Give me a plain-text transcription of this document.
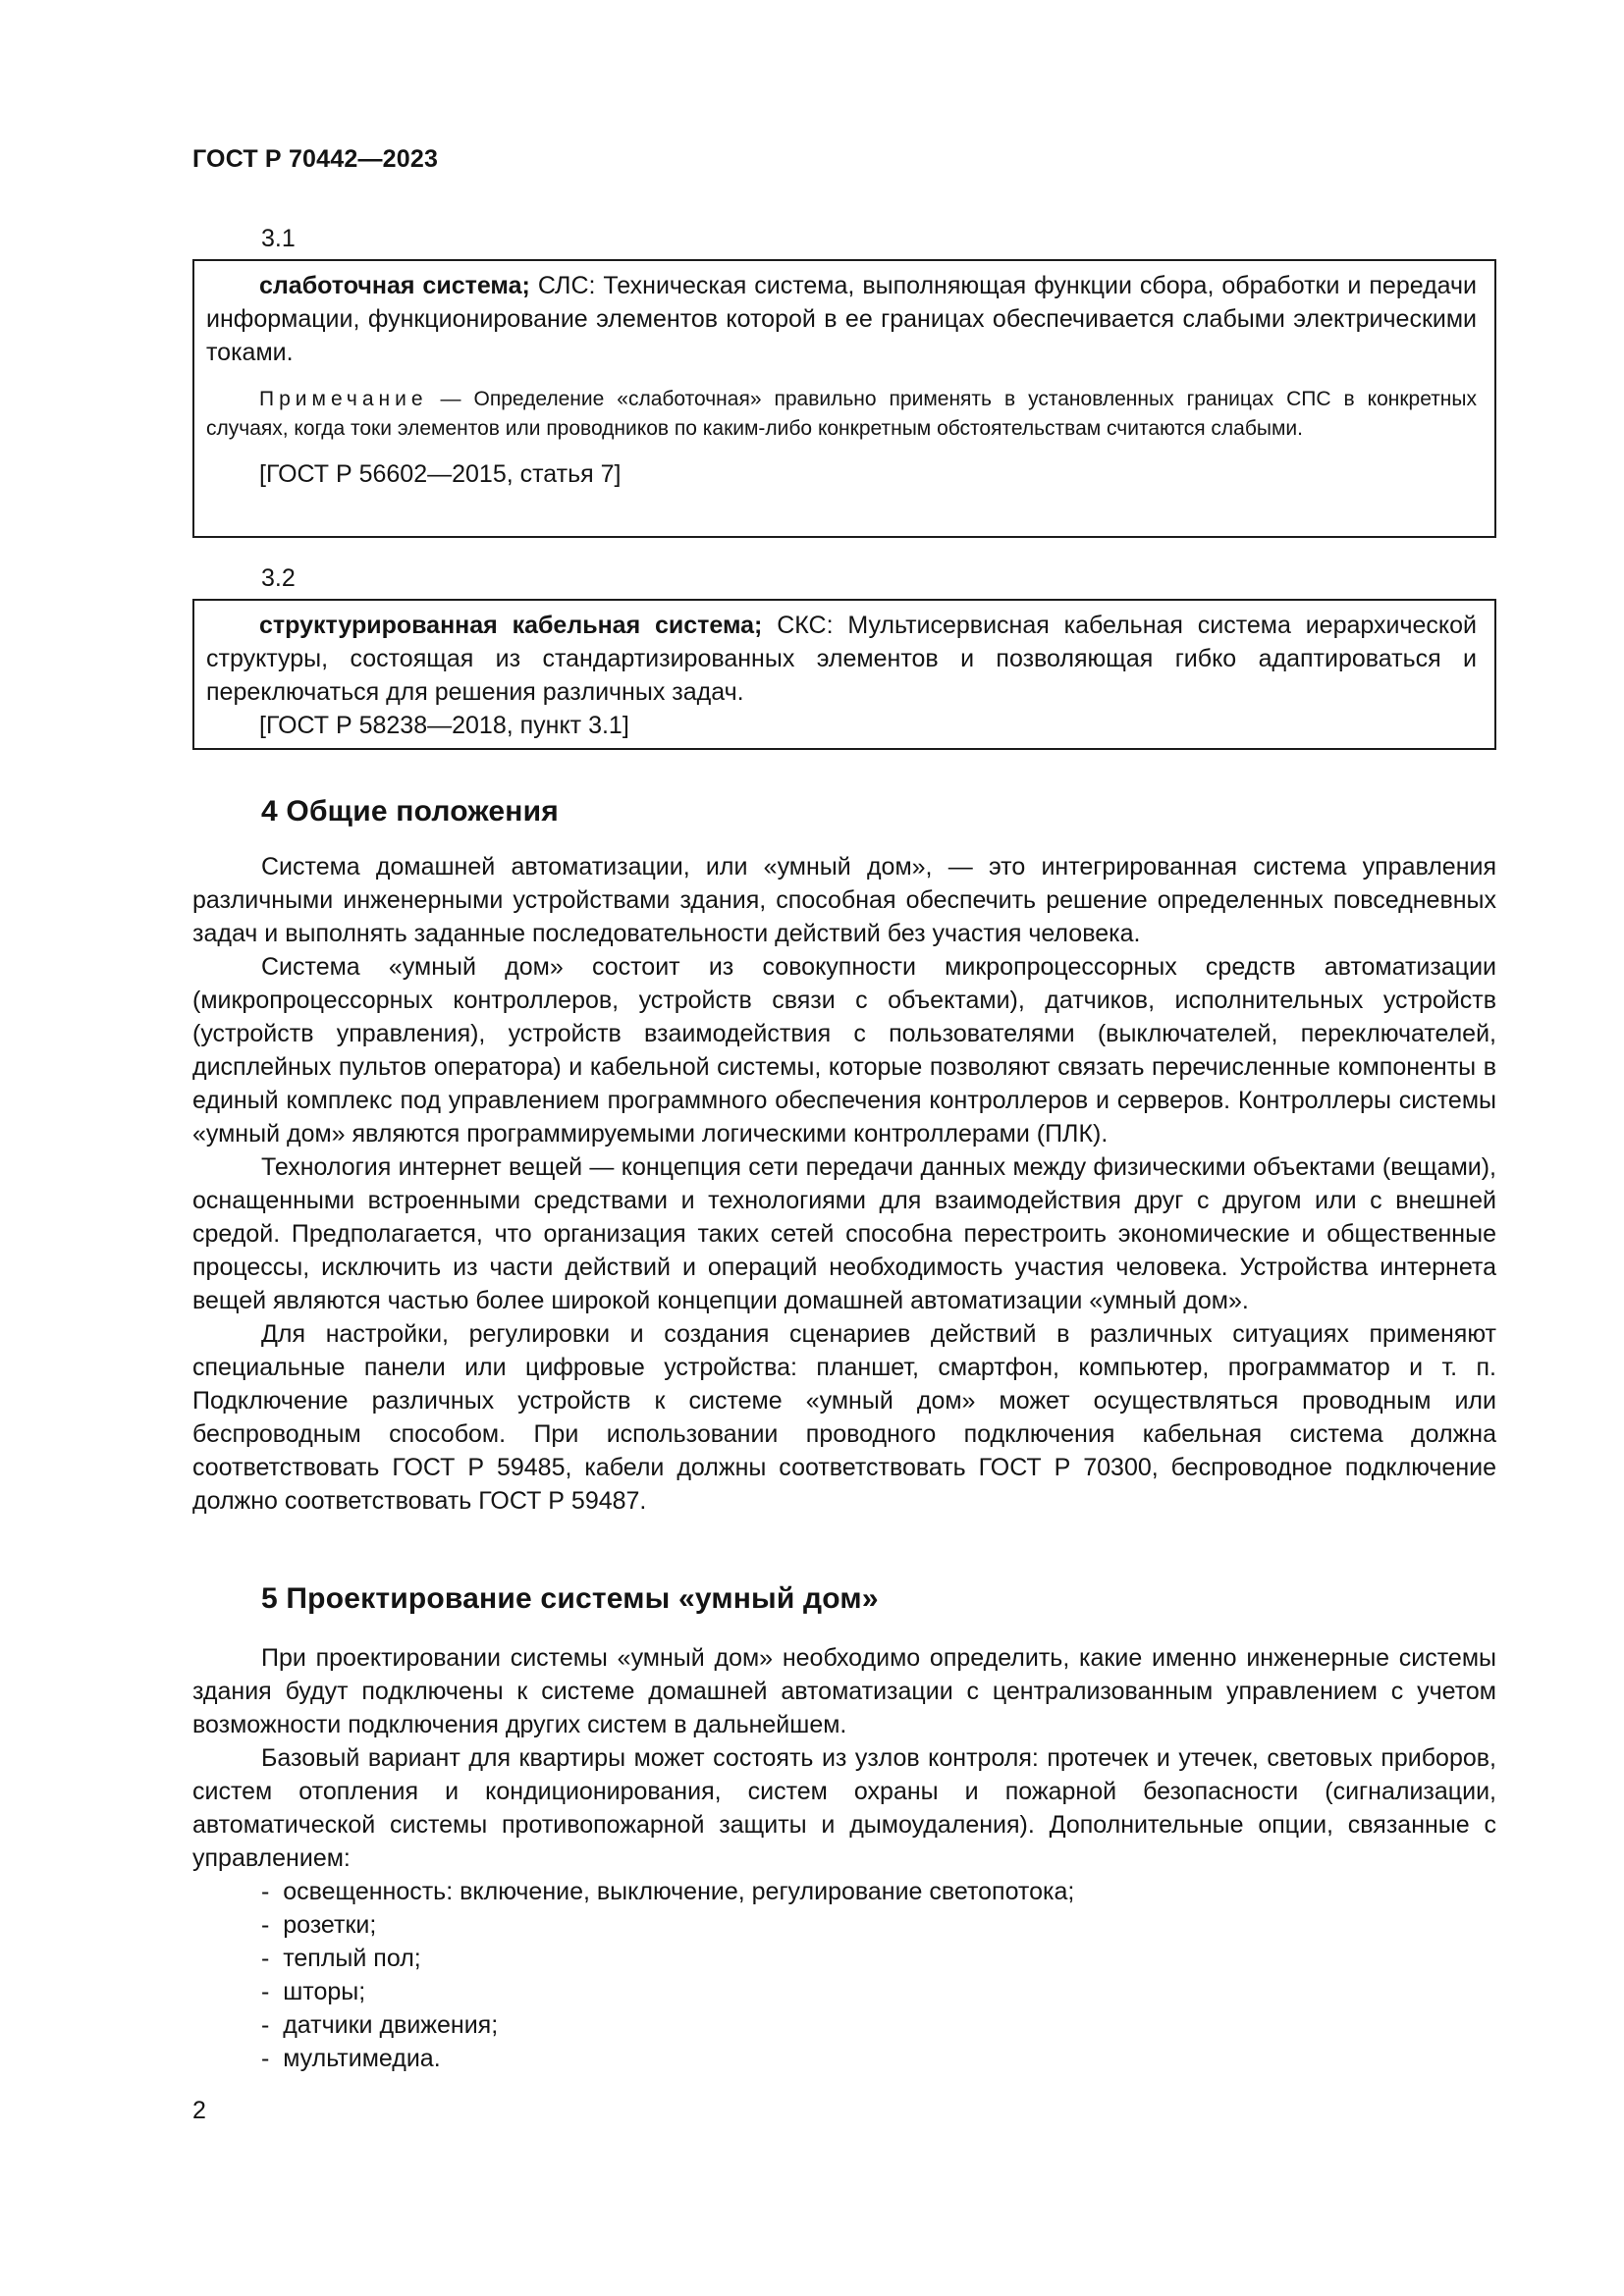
ГОСТ Р 70442—2023
3.1

слаботочная система; СЛС: Техническая система, выполняющая функции сбора, обработки и передачи информации, функционирование элементов которой в ее границах обеспечивается слабыми электрическими токами.

Примечание — Определение «слаботочная» правильно применять в установленных границах СПС в конкретных случаях, когда токи элементов или проводников по каким-либо конкретным обстоятельствам считаются слабыми.

[ГОСТ Р 56602—2015, статья 7]

3.2

структурированная кабельная система; СКС: Мультисервисная кабельная система иерархической структуры, состоящая из стандартизированных элементов и позволяющая гибко адаптироваться и переключаться для решения различных задач.

[ГОСТ Р 58238—2018, пункт 3.1]

4 Общие положения

Система домашней автоматизации, или «умный дом», — это интегрированная система управления различными инженерными устройствами здания, способная обеспечить решение определенных повседневных задач и выполнять заданные последовательности действий без участия человека.

Система «умный дом» состоит из совокупности микропроцессорных средств автоматизации (микропроцессорных контроллеров, устройств связи с объектами), датчиков, исполнительных устройств (устройств управления), устройств взаимодействия с пользователями (выключателей, переключателей, дисплейных пультов оператора) и кабельной системы, которые позволяют связать перечисленные компоненты в единый комплекс под управлением программного обеспечения контроллеров и серверов. Контроллеры системы «умный дом» являются программируемыми логическими контроллерами (ПЛК).

Технология интернет вещей — концепция сети передачи данных между физическими объектами (вещами), оснащенными встроенными средствами и технологиями для взаимодействия друг с другом или с внешней средой. Предполагается, что организация таких сетей способна перестроить экономические и общественные процессы, исключить из части действий и операций необходимость участия человека. Устройства интернета вещей являются частью более широкой концепции домашней автоматизации «умный дом».

Для настройки, регулировки и создания сценариев действий в различных ситуациях применяют специальные панели или цифровые устройства: планшет, смартфон, компьютер, программатор и т. п. Подключение различных устройств к системе «умный дом» может осуществляться проводным или беспроводным способом. При использовании проводного подключения кабельная система должна соответствовать ГОСТ Р 59485, кабели должны соответствовать ГОСТ Р 70300, беспроводное подключение должно соответствовать ГОСТ Р 59487.

5 Проектирование системы «умный дом»

При проектировании системы «умный дом» необходимо определить, какие именно инженерные системы здания будут подключены к системе домашней автоматизации с централизованным управлением с учетом возможности подключения других систем в дальнейшем.

Базовый вариант для квартиры может состоять из узлов контроля: протечек и утечек, световых приборов, систем отопления и кондиционирования, систем охраны и пожарной безопасности (сигнализации, автоматической системы противопожарной защиты и дымоудаления). Дополнительные опции, связанные с управлением:

- освещенность: включение, выключение, регулирование светопотока;
- розетки;
- теплый пол;
- шторы;
- датчики движения;
- мультимедиа.
2
